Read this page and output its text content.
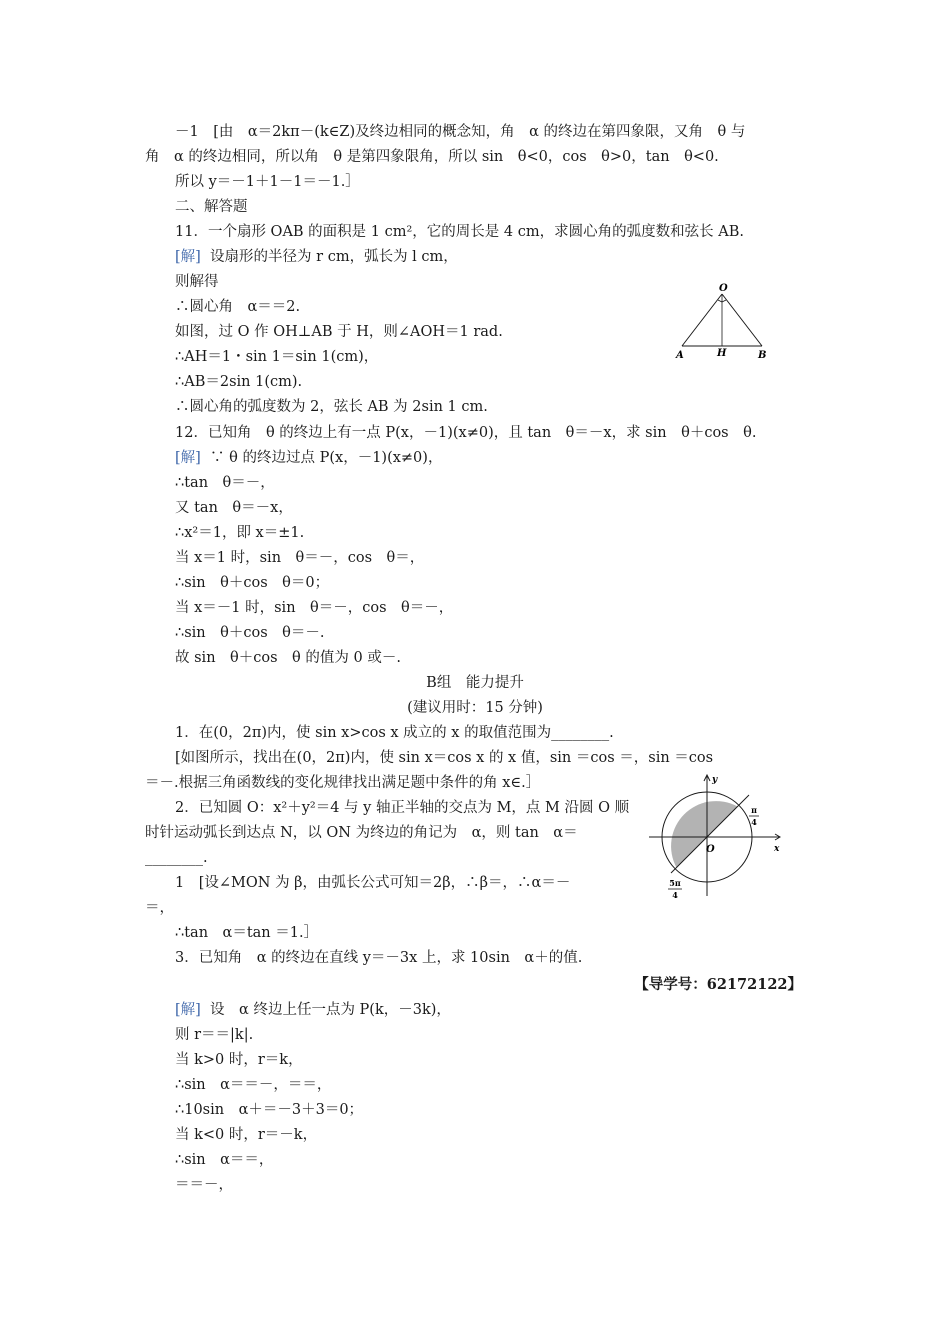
－1　[由　α＝2kπ－(k∈Z)及终边相同的概念知，角　α 的终边在第四象限，又角　θ 与
角　α 的终边相同，所以角　θ 是第四象限角，所以 sin　θ<0，cos　θ>0，tan　θ<0.
所以 y＝－1＋1－1＝－1.］
二、解答题
11．一个扇形 OAB 的面积是 1 cm²，它的周长是 4 cm，求圆心角的弧度数和弦长 AB.
[解] 设扇形的半径为 r cm，弧长为 l cm，
则解得
∴圆心角　α＝＝2.
如图，过 O 作 OH⊥AB 于 H，则∠AOH＝1 rad.
∴AH＝1・sin 1＝sin 1(cm)，
∴AB＝2sin 1(cm).
∴圆心角的弧度数为 2，弦长 AB 为 2sin 1 cm.
12．已知角　θ 的终边上有一点 P(x，－1)(x≠0)，且 tan　θ＝－x，求 sin　θ＋cos　θ.
[解] ∵ θ 的终边过点 P(x，－1)(x≠0)，
∴tan　θ＝－，
又 tan　θ＝－x，
∴x²＝1，即 x＝±1.
当 x＝1 时，sin　θ＝－，cos　θ＝，
∴sin　θ＋cos　θ＝0；
当 x＝－1 时，sin　θ＝－，cos　θ＝－，
∴sin　θ＋cos　θ＝－.
故 sin　θ＋cos　θ 的值为 0 或－.
B组　能力提升
(建议用时：15 分钟)
1．在(0，2π)内，使 sin x>cos x 成立的 x 的取值范围为________.
[如图所示，找出在(0，2π)内，使 sin x＝cos x 的 x 值，sin ＝cos ＝，sin ＝cos
＝－.根据三角函数线的变化规律找出满足题中条件的角 x∈.］
2．已知圆 O：x²＋y²＝4 与 y 轴正半轴的交点为 M，点 M 沿圆 O 顺
时针运动弧长到达点 N，以 ON 为终边的角记为　α，则 tan　α＝
________.
1　[设∠MON 为 β，由弧长公式可知＝2β，∴β＝，∴α＝－
＝，
∴tan　α＝tan ＝1.］
3．已知角　α 的终边在直线 y＝－3x 上，求 10sin　α＋的值.
【导学号：62172122】
[解] 设　α 终边上任一点为 P(k，－3k)，
则 r＝＝|k|.
当 k>0 时，r＝k，
∴sin　α＝＝－，＝＝，
∴10sin　α＋＝－3＋3＝0；
当 k<0 时，r＝－k，
∴sin　α＝＝，
＝＝－，
O
A	H	B
y
x
O
π
4
5π
4
